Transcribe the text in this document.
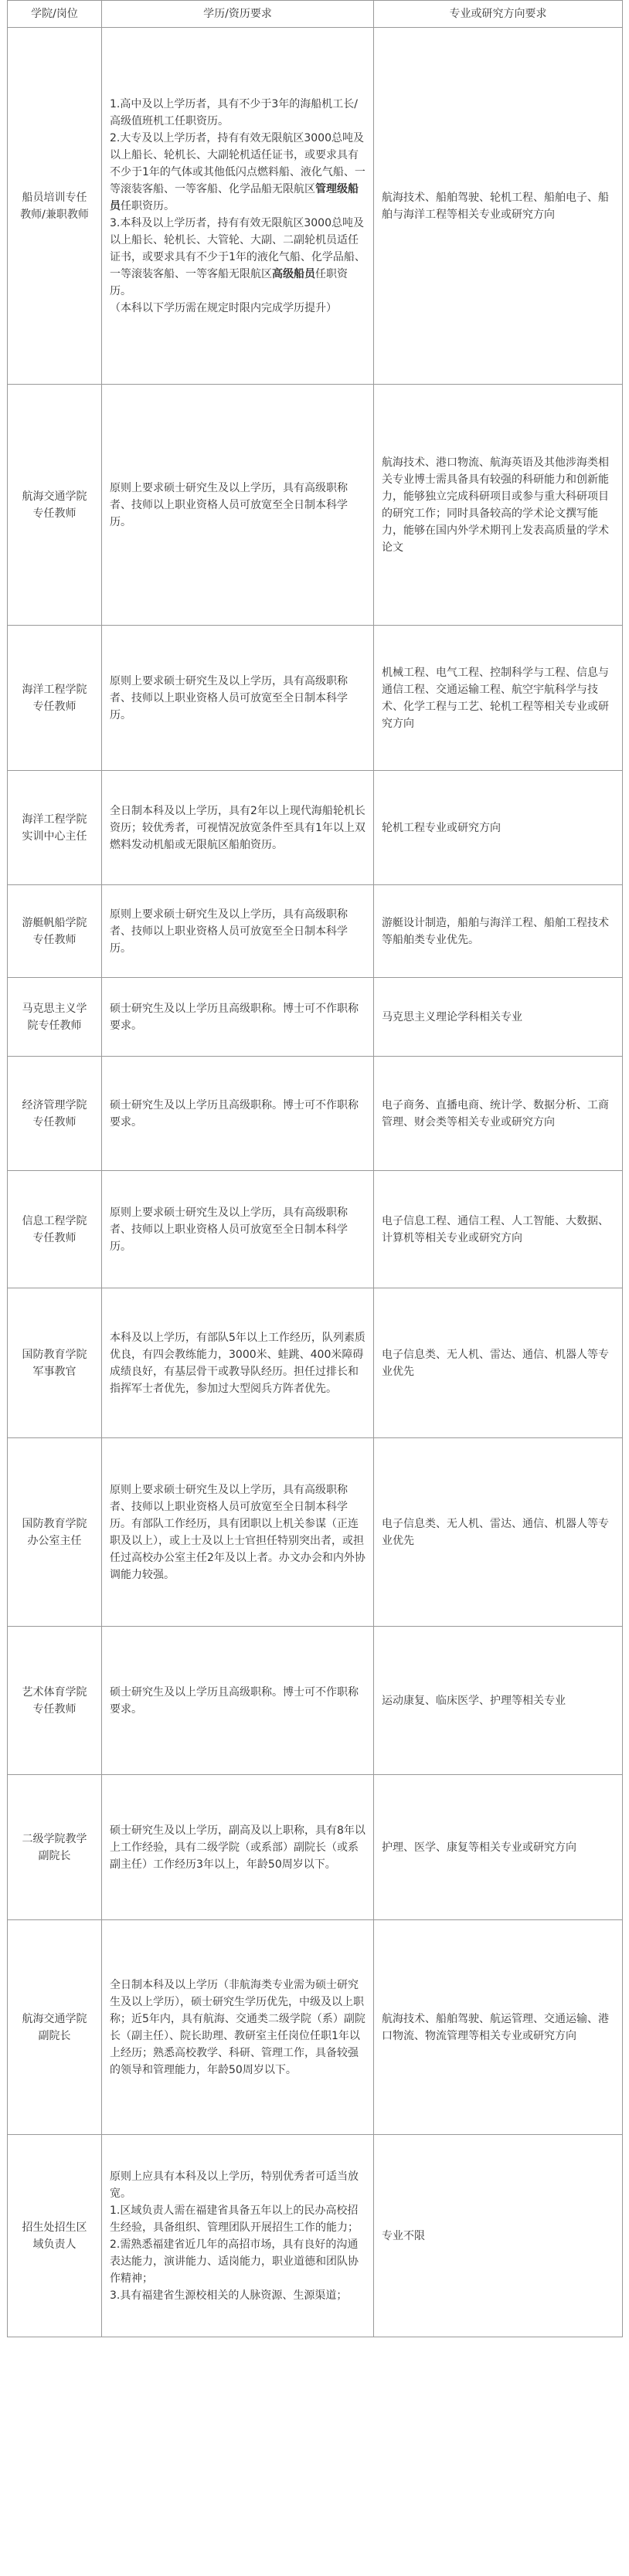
学院/岗位	学历/资历要求	专业或研究方向要求
船员培训专任教师/兼职教师	1.高中及以上学历者，具有不少于3年的海船机工长/高级值班机工任职资历。
2.大专及以上学历者，持有有效无限航区3000总吨及以上船长、轮机长、大副轮机适任证书，或要求具有不少于1年的气体或其他低闪点燃料船、液化气船、一等滚装客船、一等客船、化学品船无限航区管理级船员任职资历。
3.本科及以上学历者，持有有效无限航区3000总吨及以上船长、轮机长、大管轮、大副、二副轮机员适任证书，或要求具有不少于1年的液化气船、化学品船、一等滚装客船、一等客船无限航区高级船员任职资历。
（本科以下学历需在规定时限内完成学历提升）	航海技术、船舶驾驶、轮机工程、船舶电子、船舶与海洋工程等相关专业或研究方向
航海交通学院专任教师	原则上要求硕士研究生及以上学历，具有高级职称者、技师以上职业资格人员可放宽至全日制本科学历。	航海技术、港口物流、航海英语及其他涉海类相关专业博士需具备具有较强的科研能力和创新能力，能够独立完成科研项目或参与重大科研项目的研究工作；同时具备较高的学术论文撰写能力，能够在国内外学术期刊上发表高质量的学术论文
海洋工程学院专任教师	原则上要求硕士研究生及以上学历，具有高级职称者、技师以上职业资格人员可放宽至全日制本科学历。	机械工程、电气工程、控制科学与工程、信息与通信工程、交通运输工程、航空宇航科学与技术、化学工程与工艺、轮机工程等相关专业或研究方向
海洋工程学院实训中心主任	全日制本科及以上学历，具有2年以上现代海船轮机长资历；较优秀者，可视情况放宽条件至具有1年以上双燃料发动机船或无限航区船舶资历。	轮机工程专业或研究方向
游艇帆船学院专任教师	原则上要求硕士研究生及以上学历，具有高级职称者、技师以上职业资格人员可放宽至全日制本科学历。	游艇设计制造，船舶与海洋工程、船舶工程技术等船舶类专业优先。
马克思主义学院专任教师	硕士研究生及以上学历且高级职称。博士可不作职称要求。	马克思主义理论学科相关专业
经济管理学院专任教师	硕士研究生及以上学历且高级职称。博士可不作职称要求。	电子商务、直播电商、统计学、数据分析、工商管理、财会类等相关专业或研究方向
信息工程学院专任教师	原则上要求硕士研究生及以上学历，具有高级职称者、技师以上职业资格人员可放宽至全日制本科学历。	电子信息工程、通信工程、人工智能、大数据、计算机等相关专业或研究方向
国防教育学院军事教官	本科及以上学历，有部队5年以上工作经历，队列素质优良，有四会教练能力，3000米、蛙跳、400米障碍成绩良好，有基层骨干或教导队经历。担任过排长和指挥军士者优先，参加过大型阅兵方阵者优先。	电子信息类、无人机、雷达、通信、机器人等专业优先
国防教育学院办公室主任	原则上要求硕士研究生及以上学历，具有高级职称者、技师以上职业资格人员可放宽至全日制本科学历。有部队工作经历，具有团职以上机关参谋（正连职及以上），或上士及以上士官担任特别突出者，或担任过高校办公室主任2年及以上者。办文办会和内外协调能力较强。	电子信息类、无人机、雷达、通信、机器人等专业优先
艺术体育学院专任教师	硕士研究生及以上学历且高级职称。博士可不作职称要求。	运动康复、临床医学、护理等相关专业
二级学院教学副院长	硕士研究生及以上学历，副高及以上职称，具有8年以上工作经验，具有二级学院（或系部）副院长（或系副主任）工作经历3年以上，年龄50周岁以下。	护理、医学、康复等相关专业或研究方向
航海交通学院副院长	全日制本科及以上学历（非航海类专业需为硕士研究生及以上学历），硕士研究生学历优先，中级及以上职称；近5年内，具有航海、交通类二级学院（系）副院长（副主任）、院长助理、教研室主任岗位任职1年以上经历；熟悉高校教学、科研、管理工作，具备较强的领导和管理能力，年龄50周岁以下。	航海技术、船舶驾驶、航运管理、交通运输、港口物流、物流管理等相关专业或研究方向
招生处招生区域负责人	原则上应具有本科及以上学历，特别优秀者可适当放宽。
1.区域负责人需在福建省具备五年以上的民办高校招生经验，具备组织、管理团队开展招生工作的能力；
2.需熟悉福建省近几年的高招市场，具有良好的沟通表达能力，演讲能力、适岗能力，职业道德和团队协作精神；
3.具有福建省生源校相关的人脉资源、生源渠道；	专业不限
